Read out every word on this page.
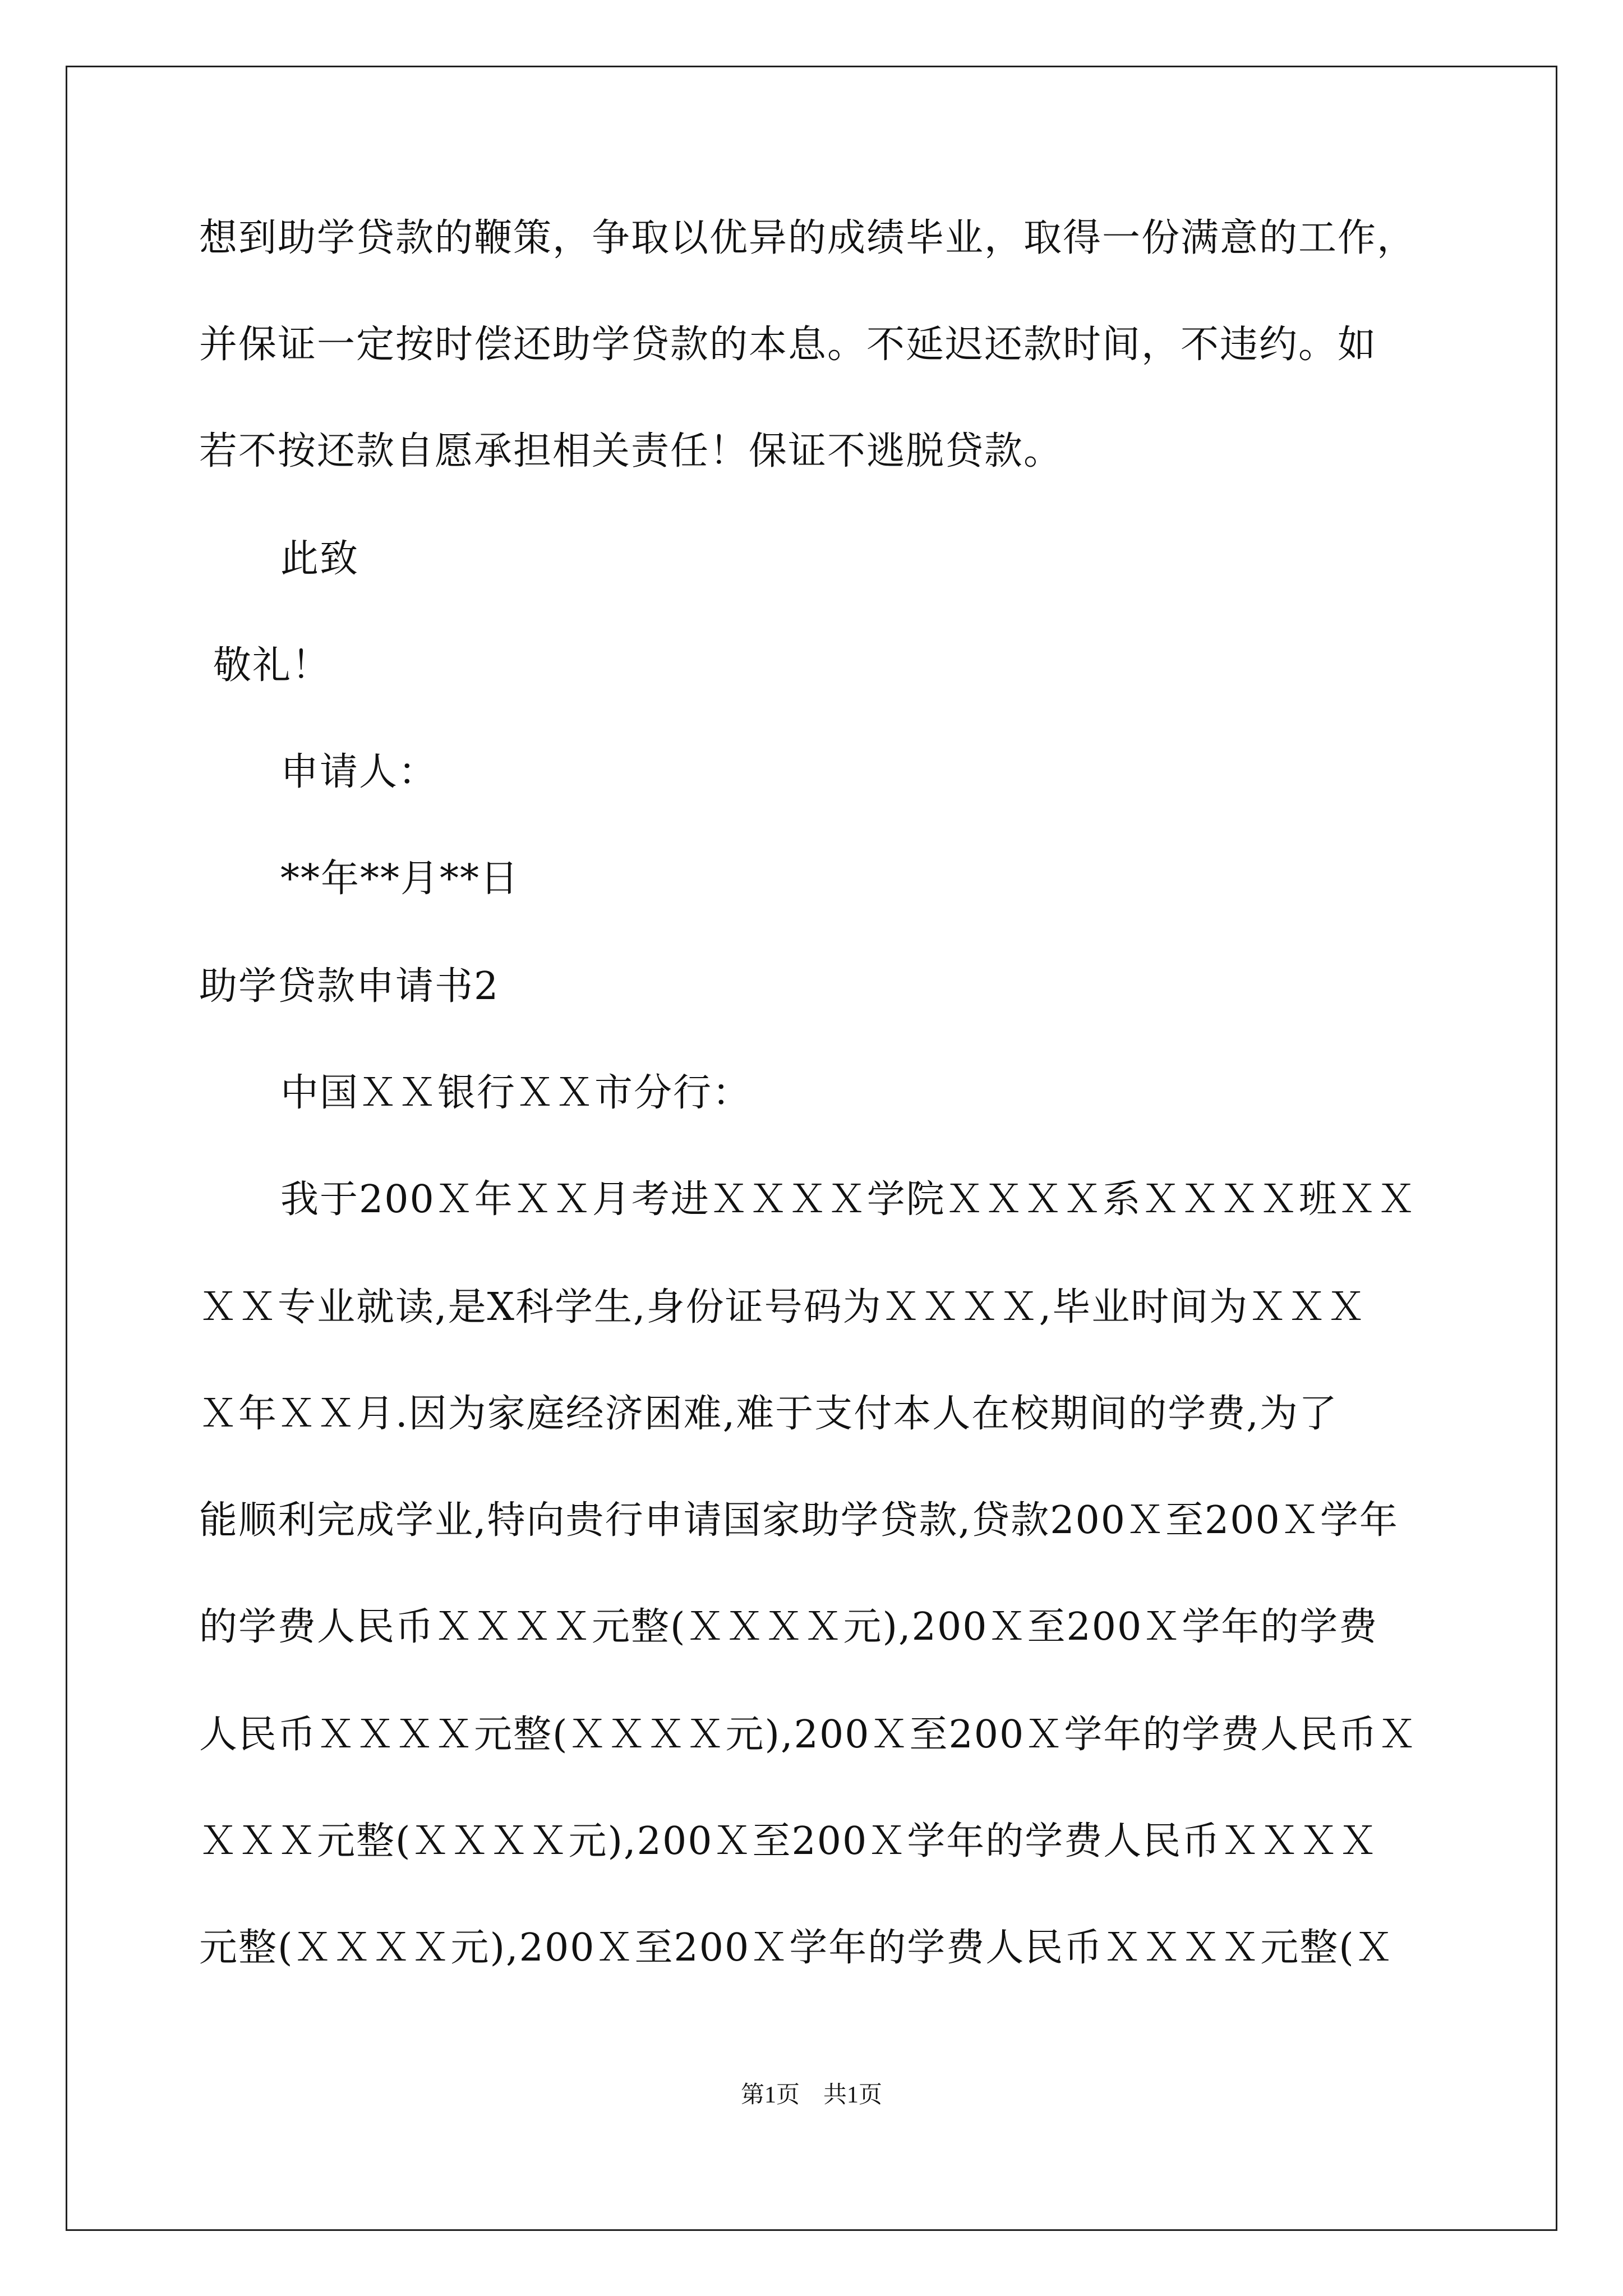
想到助学贷款的鞭策，争取以优异的成绩毕业，取得一份满意的工作，
并保证一定按时偿还助学贷款的本息。不延迟还款时间，不违约。如
若不按还款自愿承担相关责任！保证不逃脱贷款。
此致
敬礼！
申请人：
**年**月**日
助学贷款申请书2
中国ＸＸ银行ＸＸ市分行：
我于200Ｘ年ＸＸ月考进ＸＸＸＸ学院ＸＸＸＸ系ＸＸＸＸ班ＸＸ
ＸＸ专业就读,是X科学生,身份证号码为ＸＸＸＸ,毕业时间为ＸＸＸ
Ｘ年ＸＸ月.因为家庭经济困难,难于支付本人在校期间的学费,为了
能顺利完成学业,特向贵行申请国家助学贷款,贷款200Ｘ至200Ｘ学年
的学费人民币ＸＸＸＸ元整(ＸＸＸＸ元),200Ｘ至200Ｘ学年的学费
人民币ＸＸＸＸ元整(ＸＸＸＸ元),200Ｘ至200Ｘ学年的学费人民币Ｘ
ＸＸＸ元整(ＸＸＸＸ元),200Ｘ至200Ｘ学年的学费人民币ＸＸＸＸ
元整(ＸＸＸＸ元),200Ｘ至200Ｘ学年的学费人民币ＸＸＸＸ元整(Ｘ
第1页　共1页
